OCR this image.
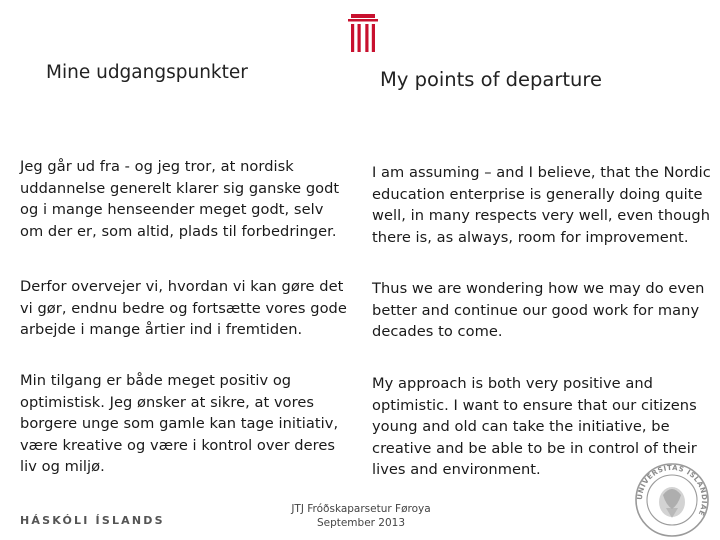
Mine udgangspunkter	My points of departure
Jeg går ud fra - og jeg tror, at nordisk
uddannelse generelt klarer sig ganske godt
og i mange henseender meget godt, selv
om der er, som altid, plads til forbedringer.
Derfor overvejer vi, hvordan vi kan gøre det
vi gør, endnu bedre og fortsætte vores gode
arbejde i mange årtier ind i fremtiden.
Min tilgang er både meget positiv og
optimistisk. Jeg ønsker at sikre, at vores
borgere unge som gamle kan tage initiativ,
være kreative og være i kontrol over deres
liv og miljø.
I am assuming – and I believe, that the Nordic
education enterprise is generally doing quite
well, in many respects very well, even though
there is, as always, room for improvement.
Thus we are wondering how we may do even
better and continue our good work for many
decades to come.
My approach is both very positive and
optimistic. I want to ensure that our citizens
young and old can take the initiative, be
creative and be able to be in control of their
lives and environment.
HÁSKÓLI ÍSLANDS
JTJ Fróðskaparsetur Føroya
September 2013
UNIVERSITAS ISLANDIAE
